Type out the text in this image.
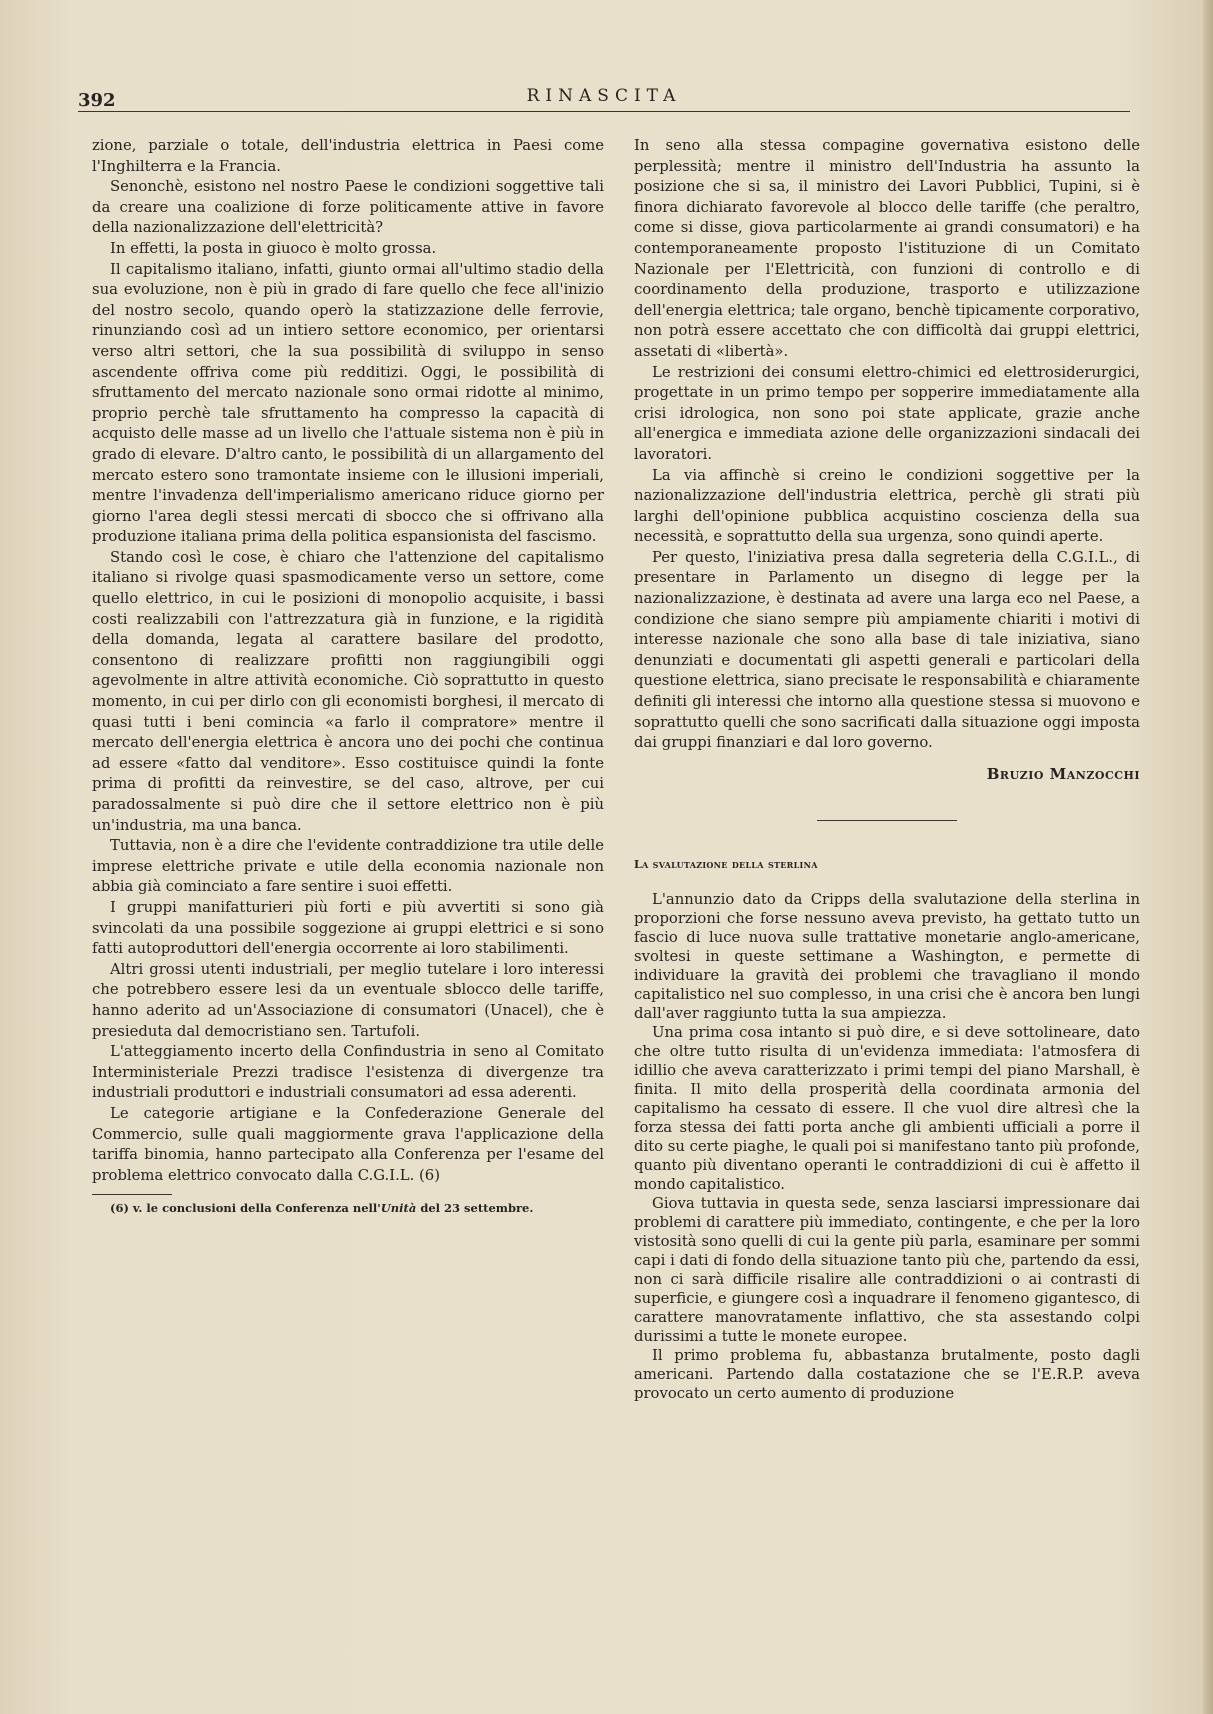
392	RINASCITA

zione, parziale o totale, dell'industria elettrica in Paesi come l'Inghilterra e la Francia.

Senonchè, esistono nel nostro Paese le condizioni soggettive tali da creare una coalizione di forze politicamente attive in favore della nazionalizzazione dell'elettricità?

In effetti, la posta in giuoco è molto grossa.

Il capitalismo italiano, infatti, giunto ormai all'ultimo stadio della sua evoluzione, non è più in grado di fare quello che fece all'inizio del nostro secolo, quando operò la statizzazione delle ferrovie, rinunziando così ad un intiero settore economico, per orientarsi verso altri settori, che la sua possibilità di sviluppo in senso ascendente offriva come più redditizi. Oggi, le possibilità di sfruttamento del mercato nazionale sono ormai ridotte al minimo, proprio perchè tale sfruttamento ha compresso la capacità di acquisto delle masse ad un livello che l'attuale sistema non è più in grado di elevare. D'altro canto, le possibilità di un allargamento del mercato estero sono tramontate insieme con le illusioni imperiali, mentre l'invadenza dell'imperialismo americano riduce giorno per giorno l'area degli stessi mercati di sbocco che si offrivano alla produzione italiana prima della politica espansionista del fascismo.

Stando così le cose, è chiaro che l'attenzione del capitalismo italiano si rivolge quasi spasmodicamente verso un settore, come quello elettrico, in cui le posizioni di monopolio acquisite, i bassi costi realizzabili con l'attrezzatura già in funzione, e la rigidità della domanda, legata al carattere basilare del prodotto, consentono di realizzare profitti non raggiungibili oggi agevolmente in altre attività economiche. Ciò soprattutto in questo momento, in cui per dirlo con gli economisti borghesi, il mercato di quasi tutti i beni comincia «a farlo il compratore» mentre il mercato dell'energia elettrica è ancora uno dei pochi che continua ad essere «fatto dal venditore». Esso costituisce quindi la fonte prima di profitti da reinvestire, se del caso, altrove, per cui paradossalmente si può dire che il settore elettrico non è più un'industria, ma una banca.

Tuttavia, non è a dire che l'evidente contraddizione tra utile delle imprese elettriche private e utile della economia nazionale non abbia già cominciato a fare sentire i suoi effetti.

I gruppi manifatturieri più forti e più avvertiti si sono già svincolati da una possibile soggezione ai gruppi elettrici e si sono fatti autoproduttori dell'energia occorrente ai loro stabilimenti.

Altri grossi utenti industriali, per meglio tutelare i loro interessi che potrebbero essere lesi da un eventuale sblocco delle tariffe, hanno aderito ad un'Associazione di consumatori (Unacel), che è presieduta dal democristiano sen. Tartufoli.

L'atteggiamento incerto della Confindustria in seno al Comitato Interministeriale Prezzi tradisce l'esistenza di divergenze tra industriali produttori e industriali consumatori ad essa aderenti.

Le categorie artigiane e la Confederazione Generale del Commercio, sulle quali maggiormente grava l'applicazione della tariffa binomia, hanno partecipato alla Conferenza per l'esame del problema elettrico convocato dalla C.G.I.L. (6)

(6) v. le conclusioni della Conferenza nell'Unità del 23 settembre.

In seno alla stessa compagine governativa esistono delle perplessità; mentre il ministro dell'Industria ha assunto la posizione che si sa, il ministro dei Lavori Pubblici, Tupini, si è finora dichiarato favorevole al blocco delle tariffe (che peraltro, come si disse, giova particolarmente ai grandi consumatori) e ha contemporaneamente proposto l'istituzione di un Comitato Nazionale per l'Elettricità, con funzioni di controllo e di coordinamento della produzione, trasporto e utilizzazione dell'energia elettrica; tale organo, benchè tipicamente corporativo, non potrà essere accettato che con difficoltà dai gruppi elettrici, assetati di «libertà».

Le restrizioni dei consumi elettro-chimici ed elettrosiderurgici, progettate in un primo tempo per sopperire immediatamente alla crisi idrologica, non sono poi state applicate, grazie anche all'energica e immediata azione delle organizzazioni sindacali dei lavoratori.

La via affinchè si creino le condizioni soggettive per la nazionalizzazione dell'industria elettrica, perchè gli strati più larghi dell'opinione pubblica acquistino coscienza della sua necessità, e soprattutto della sua urgenza, sono quindi aperte.

Per questo, l'iniziativa presa dalla segreteria della C.G.I.L., di presentare in Parlamento un disegno di legge per la nazionalizzazione, è destinata ad avere una larga eco nel Paese, a condizione che siano sempre più ampiamente chiariti i motivi di interesse nazionale che sono alla base di tale iniziativa, siano denunziati e documentati gli aspetti generali e particolari della questione elettrica, siano precisate le responsabilità e chiaramente definiti gli interessi che intorno alla questione stessa si muovono e soprattutto quelli che sono sacrificati dalla situazione oggi imposta dai gruppi finanziari e dal loro governo.

Bruzio Manzocchi
La svalutazione della sterlina

L'annunzio dato da Cripps della svalutazione della sterlina in proporzioni che forse nessuno aveva previsto, ha gettato tutto un fascio di luce nuova sulle trattative monetarie anglo-americane, svoltesi in queste settimane a Washington, e permette di individuare la gravità dei problemi che travagliano il mondo capitalistico nel suo complesso, in una crisi che è ancora ben lungi dall'aver raggiunto tutta la sua ampiezza.

Una prima cosa intanto si può dire, e si deve sottolineare, dato che oltre tutto risulta di un'evidenza immediata: l'atmosfera di idillio che aveva caratterizzato i primi tempi del piano Marshall, è finita. Il mito della prosperità della coordinata armonia del capitalismo ha cessato di essere. Il che vuol dire altresì che la forza stessa dei fatti porta anche gli ambienti ufficiali a porre il dito su certe piaghe, le quali poi si manifestano tanto più profonde, quanto più diventano operanti le contraddizioni di cui è affetto il mondo capitalistico.

Giova tuttavia in questa sede, senza lasciarsi impressionare dai problemi di carattere più immediato, contingente, e che per la loro vistosità sono quelli di cui la gente più parla, esaminare per sommi capi i dati di fondo della situazione tanto più che, partendo da essi, non ci sarà difficile risalire alle contraddizioni o ai contrasti di superficie, e giungere così a inquadrare il fenomeno gigantesco, di carattere manovratamente inflattivo, che sta assestando colpi durissimi a tutte le monete europee.

Il primo problema fu, abbastanza brutalmente, posto dagli americani. Partendo dalla costatazione che se l'E.R.P. aveva provocato un certo aumento di produzione
